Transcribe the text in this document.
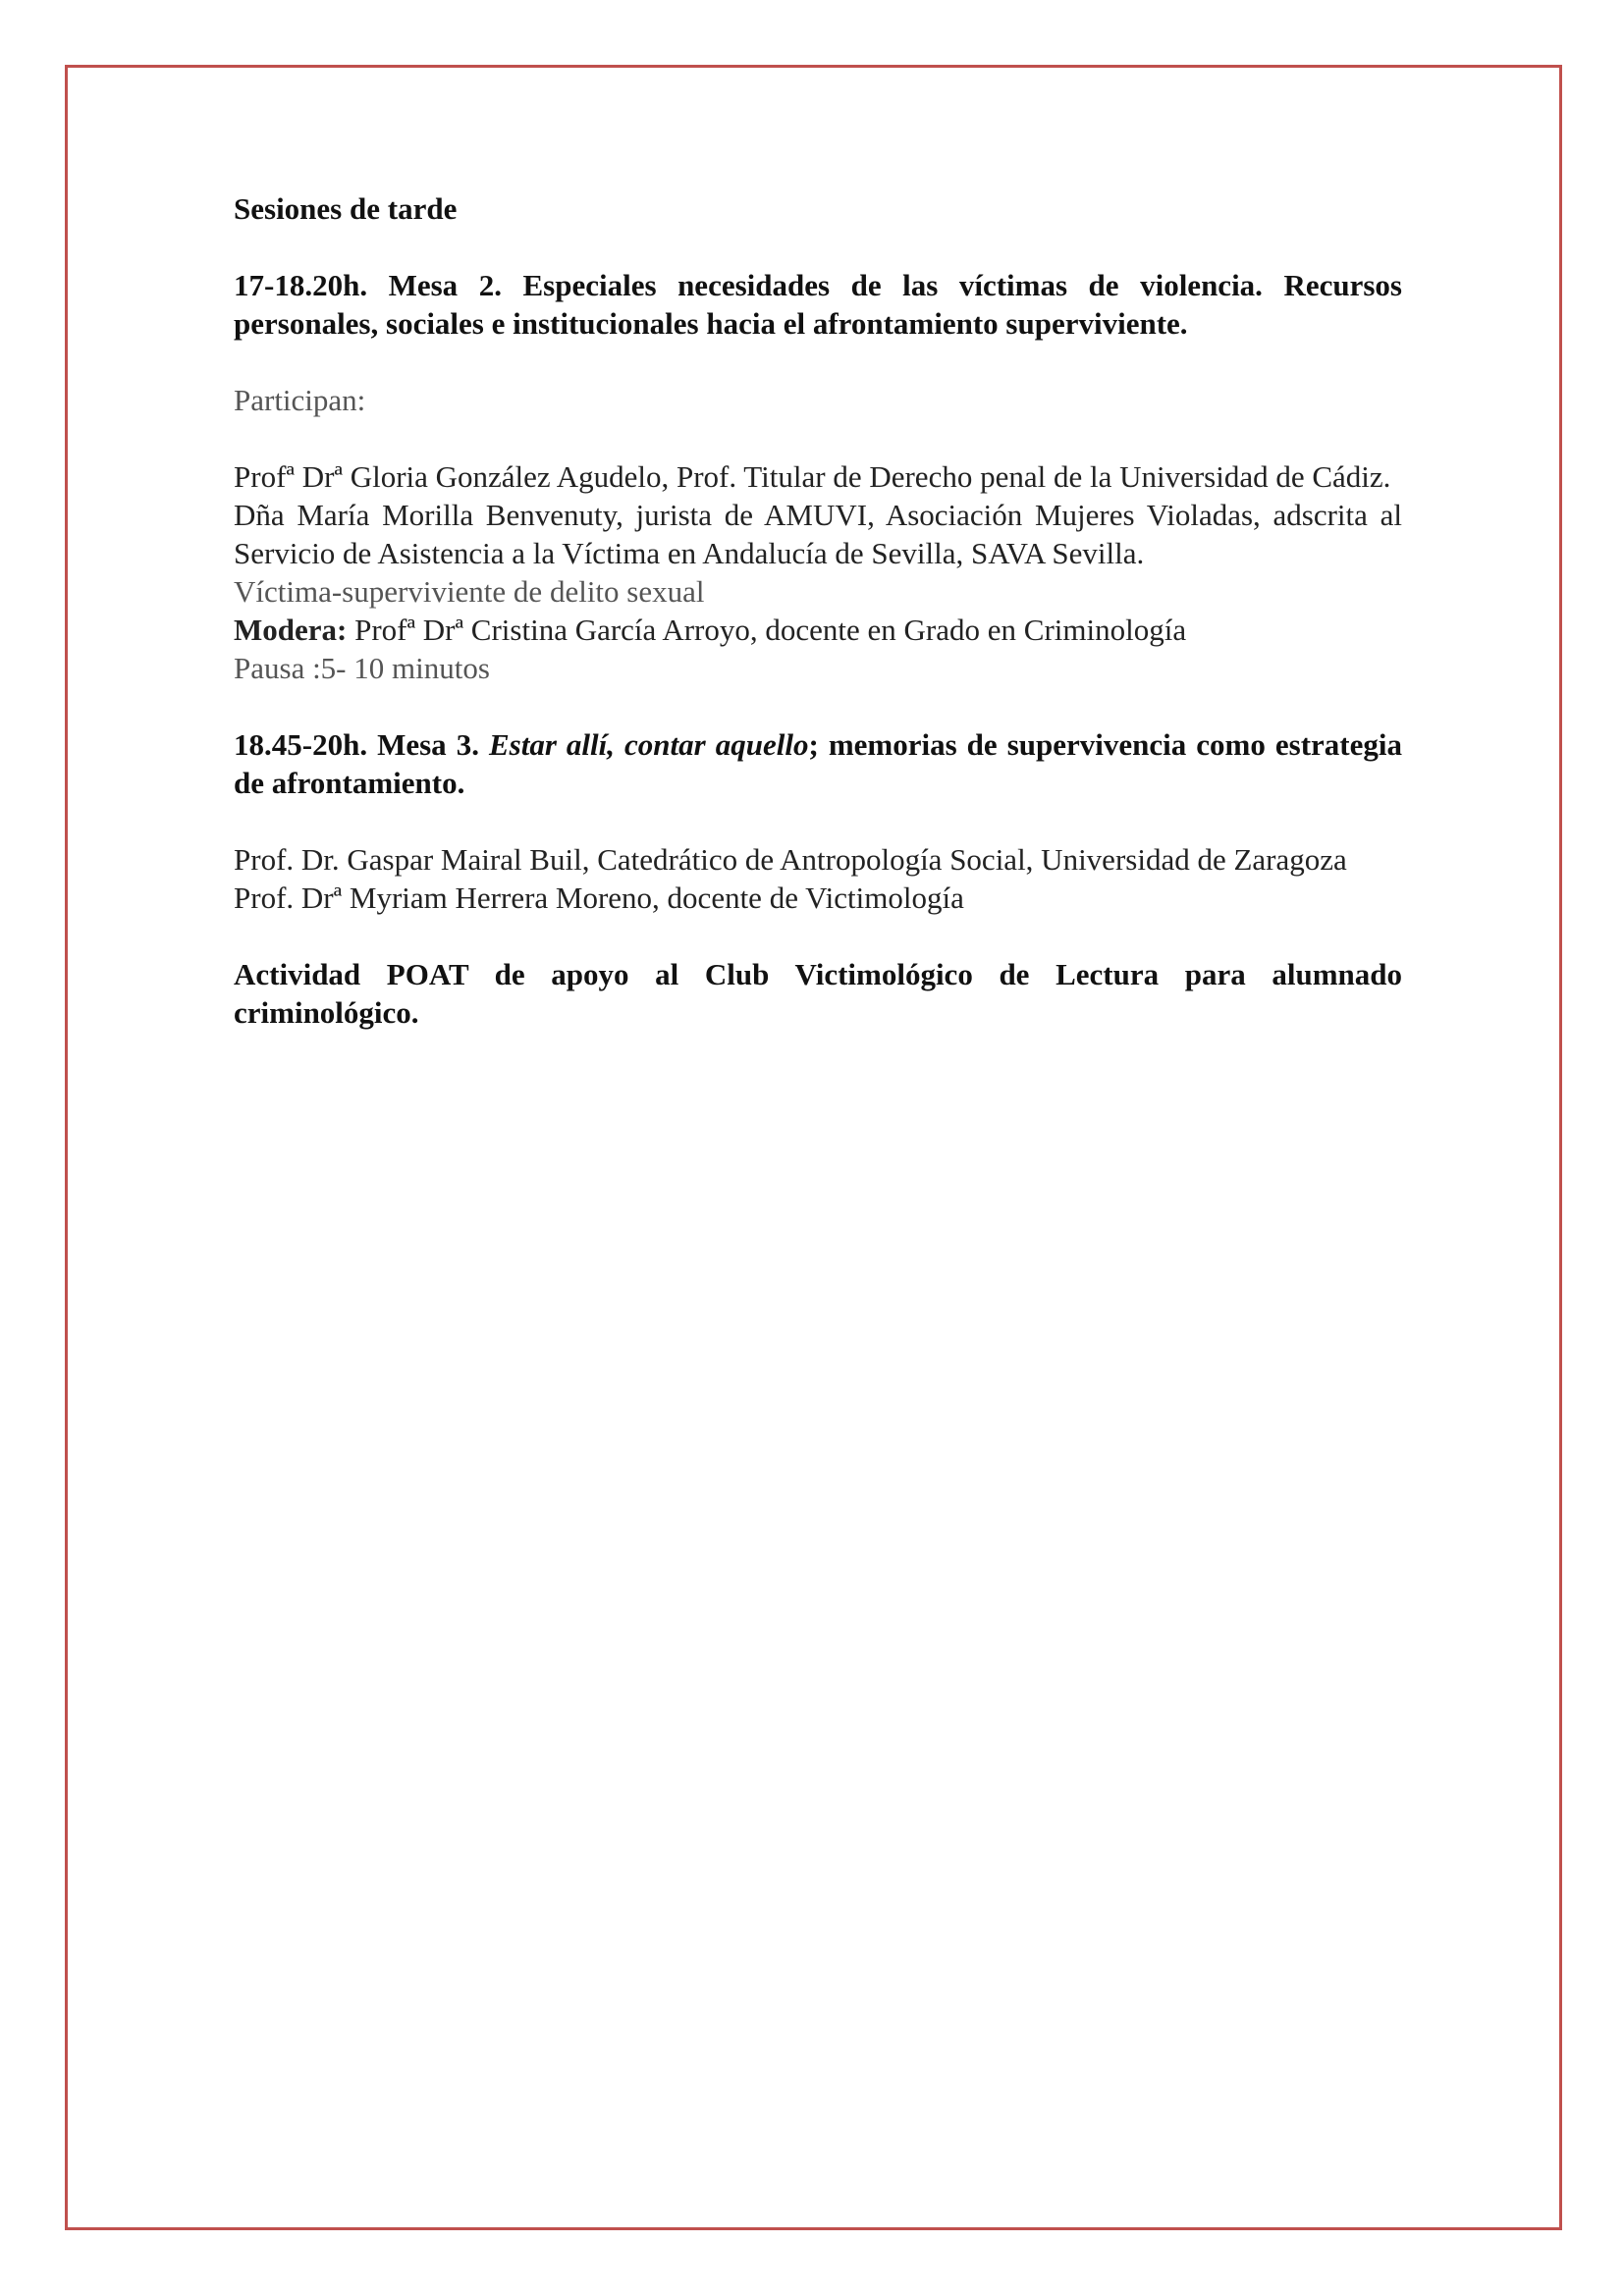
Sesiones de tarde

17-18.20h. Mesa 2. Especiales necesidades de las víctimas de violencia. Recursos personales, sociales e institucionales hacia el afrontamiento superviviente.

Participan:

Profª Drª Gloria González Agudelo, Prof. Titular de Derecho penal de la Universidad de Cádiz.

Dña María Morilla Benvenuty, jurista de AMUVI, Asociación Mujeres Violadas, adscrita al Servicio de Asistencia a la Víctima en Andalucía de Sevilla, SAVA Sevilla.

Víctima-superviviente de delito sexual

Modera: Profª Drª Cristina García Arroyo, docente en Grado en Criminología

Pausa :5- 10 minutos

18.45-20h. Mesa 3. Estar allí, contar aquello; memorias de supervivencia como estrategia de afrontamiento.

Prof. Dr. Gaspar Mairal Buil, Catedrático de Antropología Social, Universidad de Zaragoza

Prof. Drª Myriam Herrera Moreno, docente de Victimología

Actividad POAT de apoyo al Club Victimológico de Lectura para alumnado criminológico.
